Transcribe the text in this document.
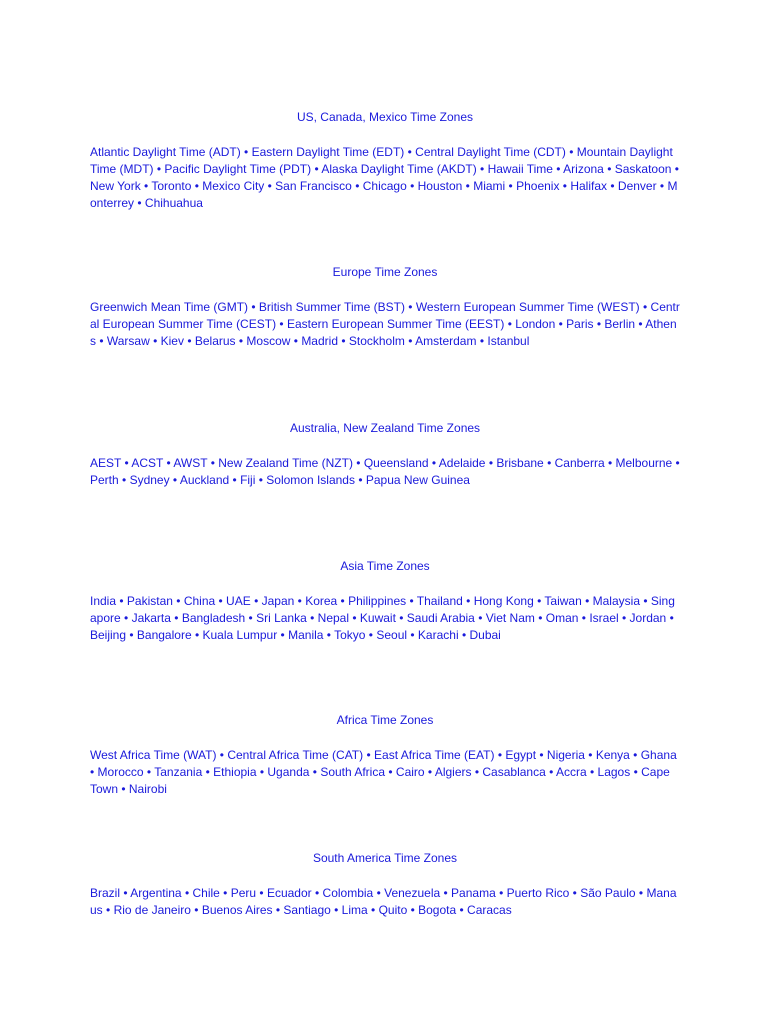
US, Canada, Mexico Time Zones

Atlantic Daylight Time (ADT) • Eastern Daylight Time (EDT) • Central Daylight Time (CDT) • Mountain Daylight Time (MDT) • Pacific Daylight Time (PDT) • Alaska Daylight Time (AKDT) • Hawaii Time • Arizona • Saskatoon • New York • Toronto • Mexico City • San Francisco • Chicago • Houston • Miami • Phoenix • Halifax • Denver • Monterrey • Chihuahua

Europe Time Zones

Greenwich Mean Time (GMT) • British Summer Time (BST) • Western European Summer Time (WEST) • Central European Summer Time (CEST) • Eastern European Summer Time (EEST) • London • Paris • Berlin • Athens • Warsaw • Kiev • Belarus • Moscow • Madrid • Stockholm • Amsterdam • Istanbul

Australia, New Zealand Time Zones

AEST • ACST • AWST • New Zealand Time (NZT) • Queensland • Adelaide • Brisbane • Canberra • Melbourne • Perth • Sydney • Auckland • Fiji • Solomon Islands • Papua New Guinea

Asia Time Zones

India • Pakistan • China • UAE • Japan • Korea • Philippines • Thailand • Hong Kong • Taiwan • Malaysia • Singapore • Jakarta • Bangladesh • Sri Lanka • Nepal • Kuwait • Saudi Arabia • Viet Nam • Oman • Israel • Jordan • Beijing • Bangalore • Kuala Lumpur • Manila • Tokyo • Seoul • Karachi • Dubai

Africa Time Zones

West Africa Time (WAT) • Central Africa Time (CAT) • East Africa Time (EAT) • Egypt • Nigeria • Kenya • Ghana • Morocco • Tanzania • Ethiopia • Uganda • South Africa • Cairo • Algiers • Casablanca • Accra • Lagos • Cape Town • Nairobi

South America Time Zones

Brazil • Argentina • Chile • Peru • Ecuador • Colombia • Venezuela • Panama • Puerto Rico • São Paulo • Manaus • Rio de Janeiro • Buenos Aires • Santiago • Lima • Quito • Bogota • Caracas
